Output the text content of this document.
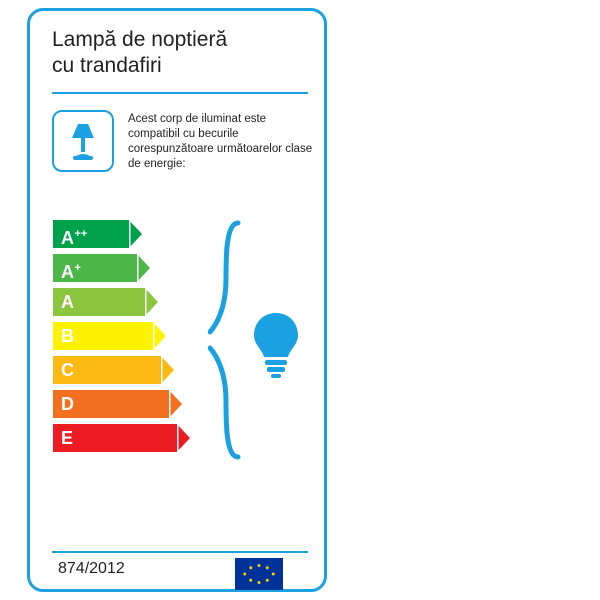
Lampă de noptieră
cu trandafiri
Acest corp de iluminat este compatibil cu becurile corespunzătoare următoarelor clase de energie:
A++
A+
A
B
C
D
E
874/2012
